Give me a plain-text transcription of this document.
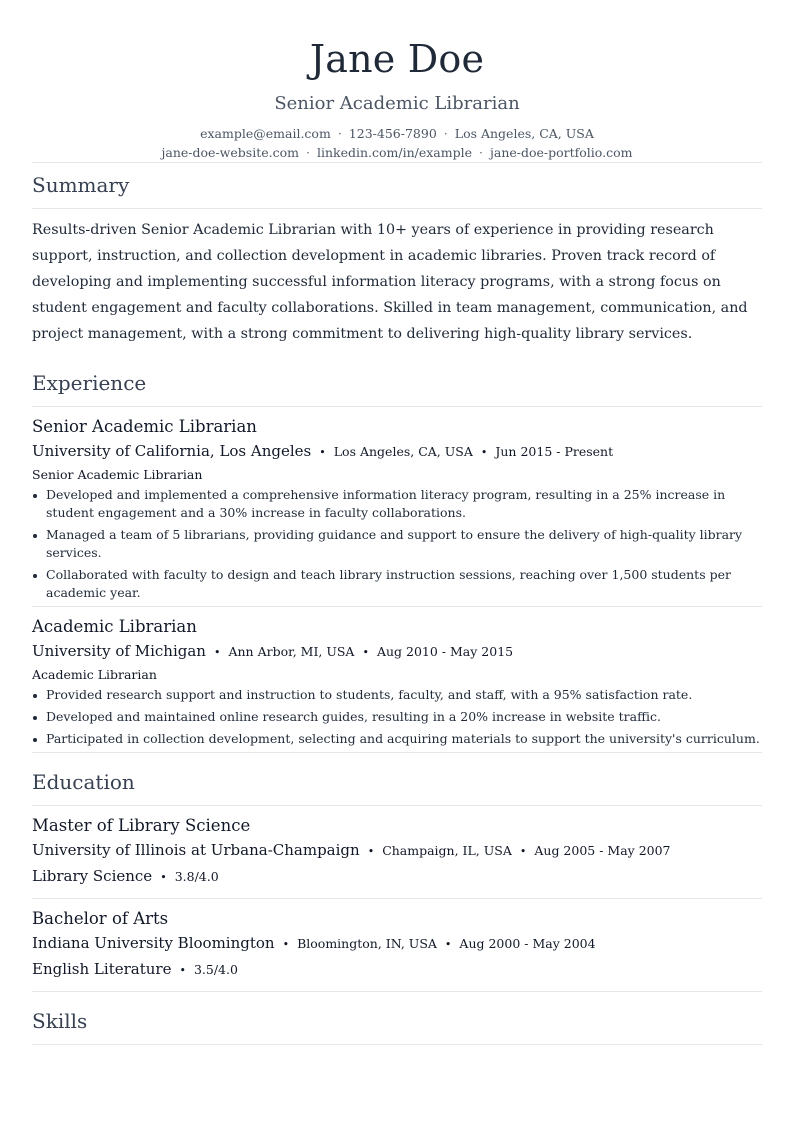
Jane Doe
Senior Academic Librarian
example@email.com · 123-456-7890 · Los Angeles, CA, USA
jane-doe-website.com · linkedin.com/in/example · jane-doe-portfolio.com
Summary

Results-driven Senior Academic Librarian with 10+ years of experience in providing research support, instruction, and collection development in academic libraries. Proven track record of developing and implementing successful information literacy programs, with a strong focus on student engagement and faculty collaborations. Skilled in team management, communication, and project management, with a strong commitment to delivering high-quality library services.

Experience
Senior Academic Librarian
University of California, Los Angeles • Los Angeles, CA, USA • Jun 2015 - Present
Senior Academic Librarian
Developed and implemented a comprehensive information literacy program, resulting in a 25% increase in student engagement and a 30% increase in faculty collaborations.
Managed a team of 5 librarians, providing guidance and support to ensure the delivery of high-quality library services.
Collaborated with faculty to design and teach library instruction sessions, reaching over 1,500 students per academic year.
Academic Librarian
University of Michigan • Ann Arbor, MI, USA • Aug 2010 - May 2015
Academic Librarian
Provided research support and instruction to students, faculty, and staff, with a 95% satisfaction rate.
Developed and maintained online research guides, resulting in a 20% increase in website traffic.
Participated in collection development, selecting and acquiring materials to support the university's curriculum.
Education
Master of Library Science
University of Illinois at Urbana-Champaign • Champaign, IL, USA • Aug 2005 - May 2007
Library Science • 3.8/4.0
Bachelor of Arts
Indiana University Bloomington • Bloomington, IN, USA • Aug 2000 - May 2004
English Literature • 3.5/4.0
Skills
